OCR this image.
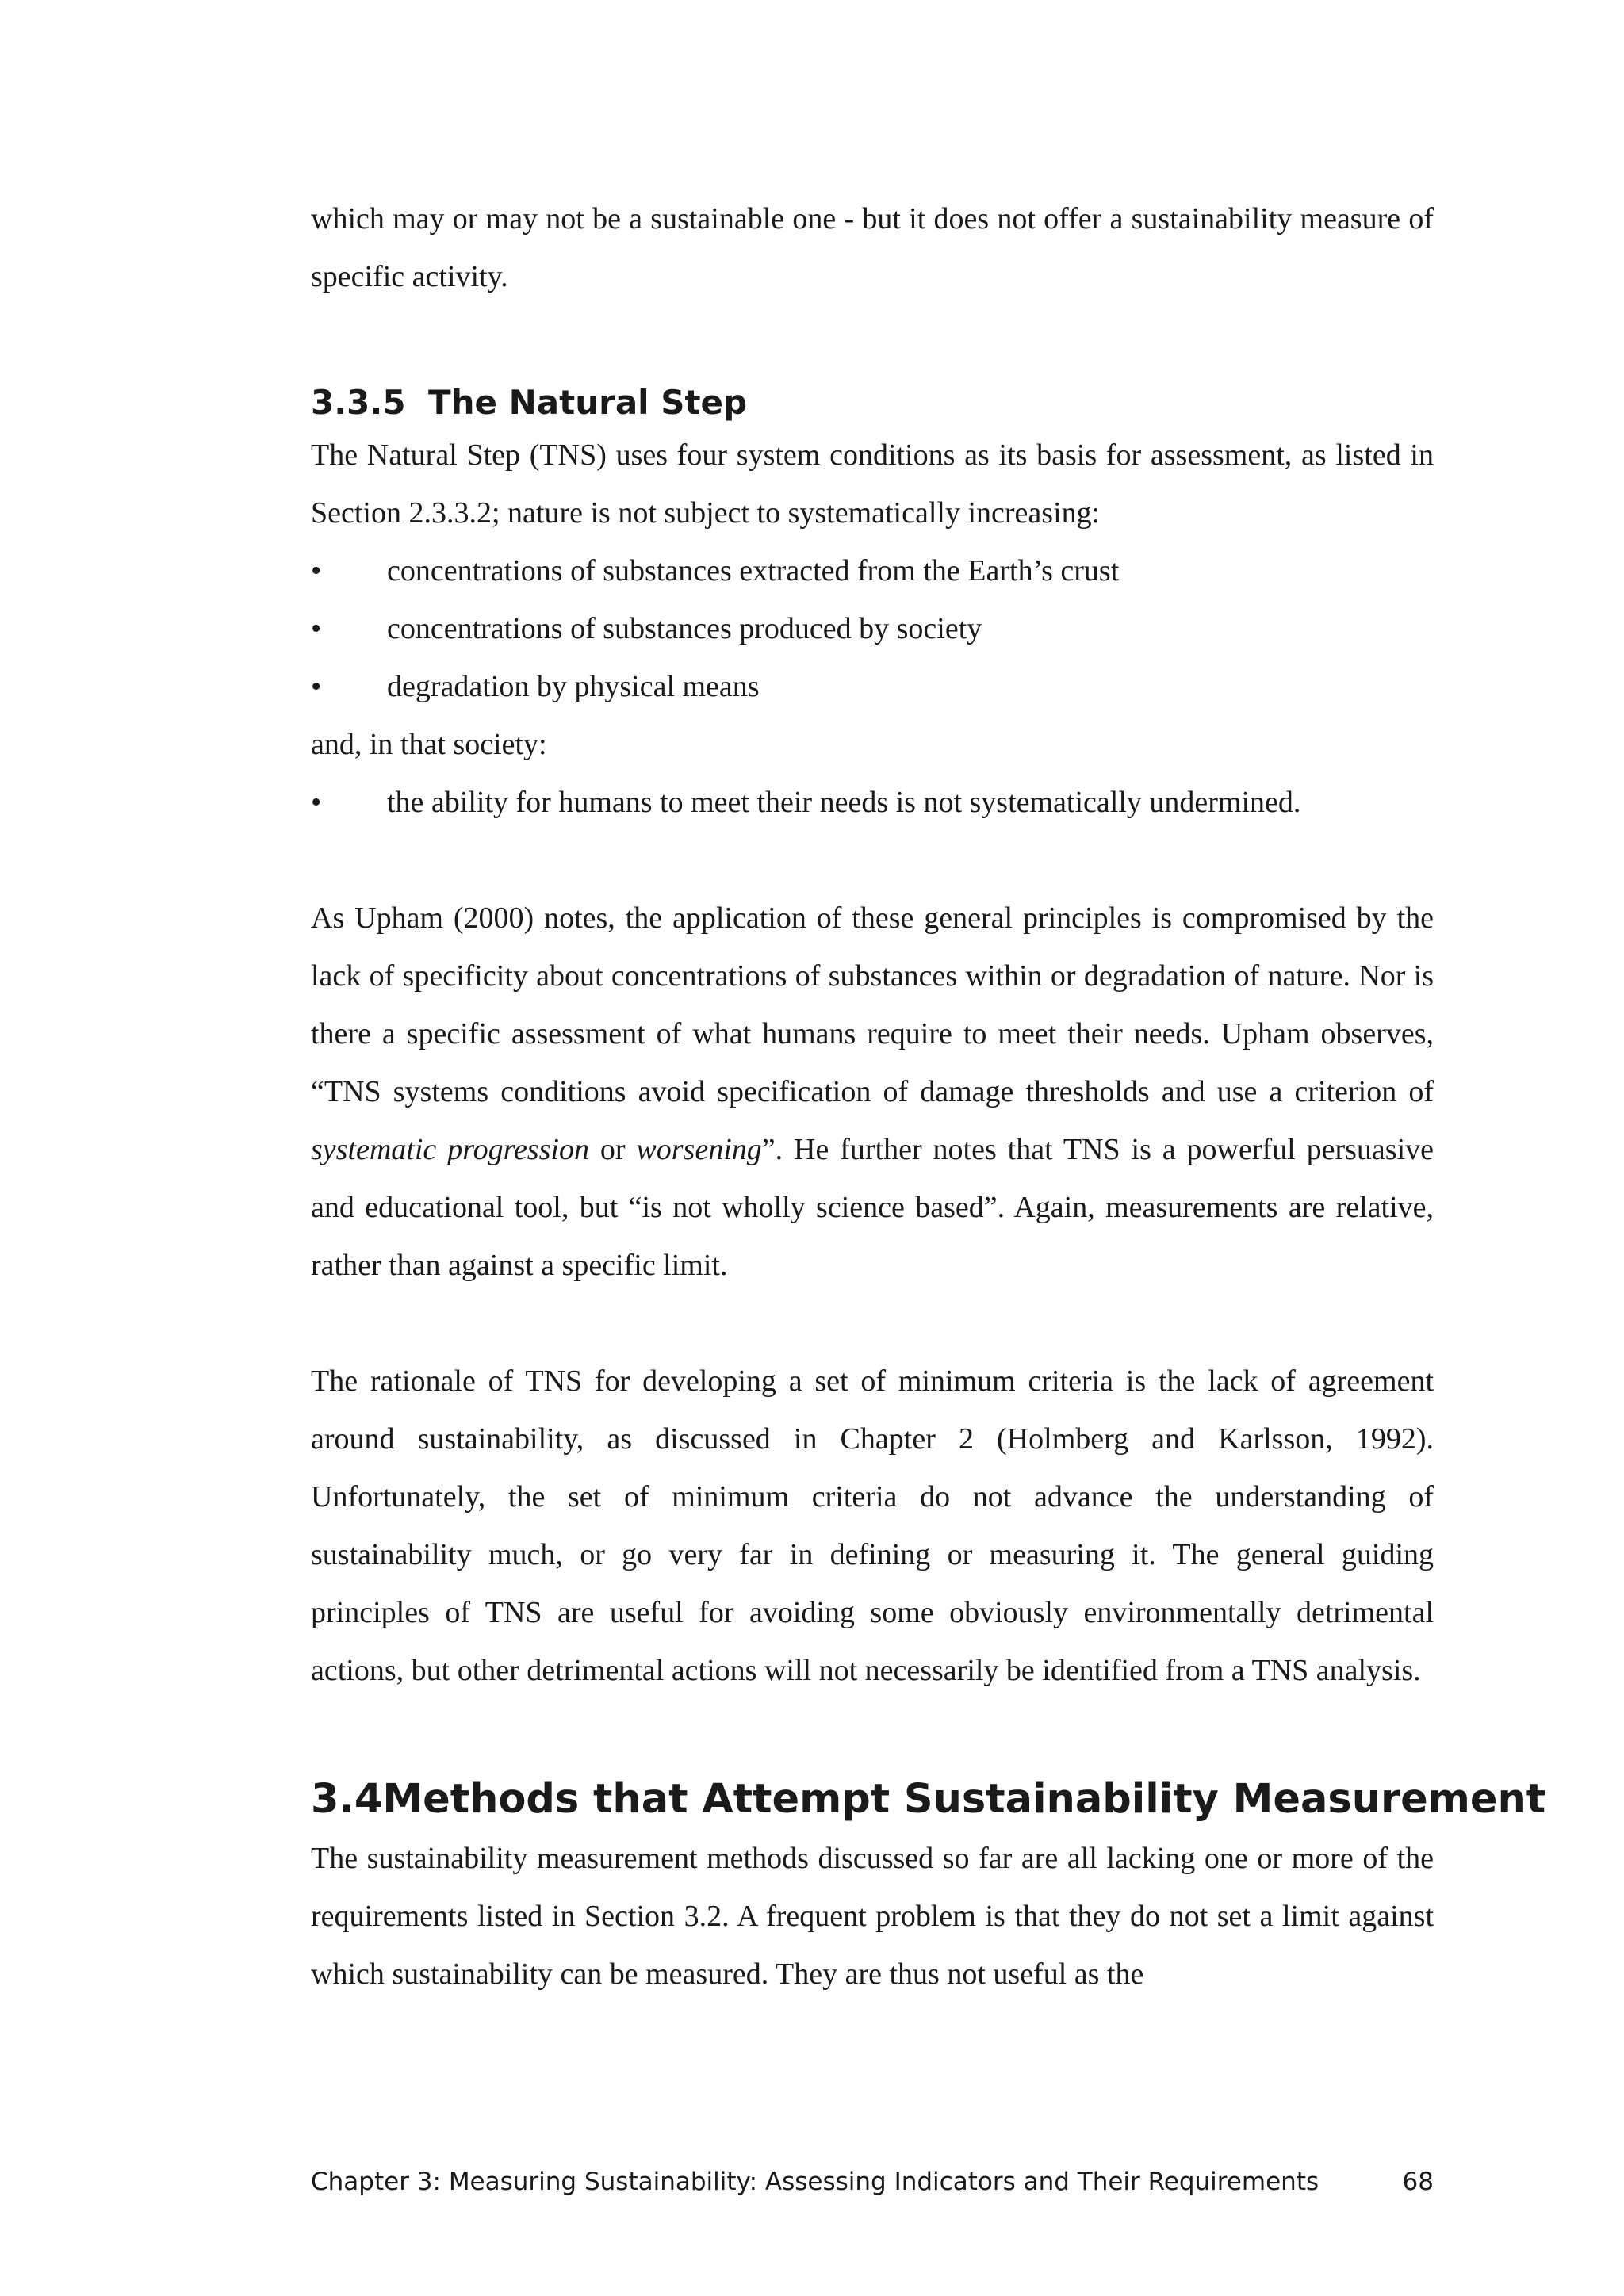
which may or may not be a sustainable one - but it does not offer a sustainability measure of specific activity.

3.3.5 The Natural Step

The Natural Step (TNS) uses four system conditions as its basis for assessment, as listed in Section 2.3.3.2; nature is not subject to systematically increasing:

•	concentrations of substances extracted from the Earth’s crust
•	concentrations of substances produced by society
•	degradation by physical means

and, in that society:

•	the ability for humans to meet their needs is not systematically undermined.

As Upham (2000) notes, the application of these general principles is compromised by the lack of specificity about concentrations of substances within or degradation of nature. Nor is there a specific assessment of what humans require to meet their needs. Upham observes, “TNS systems conditions avoid specification of damage thresholds and use a criterion of systematic progression or worsening”. He further notes that TNS is a powerful persuasive and educational tool, but “is not wholly science based”. Again, measurements are relative, rather than against a specific limit.

The rationale of TNS for developing a set of minimum criteria is the lack of agreement around sustainability, as discussed in Chapter 2 (Holmberg and Karlsson, 1992). Unfortunately, the set of minimum criteria do not advance the understanding of sustainability much, or go very far in defining or measuring it. The general guiding principles of TNS are useful for avoiding some obviously environmentally detrimental actions, but other detrimental actions will not necessarily be identified from a TNS analysis.

3.4 Methods that Attempt Sustainability Measurement

The sustainability measurement methods discussed so far are all lacking one or more of the requirements listed in Section 3.2. A frequent problem is that they do not set a limit against which sustainability can be measured. They are thus not useful as the

Chapter 3: Measuring Sustainability: Assessing Indicators and Their Requirements	68
